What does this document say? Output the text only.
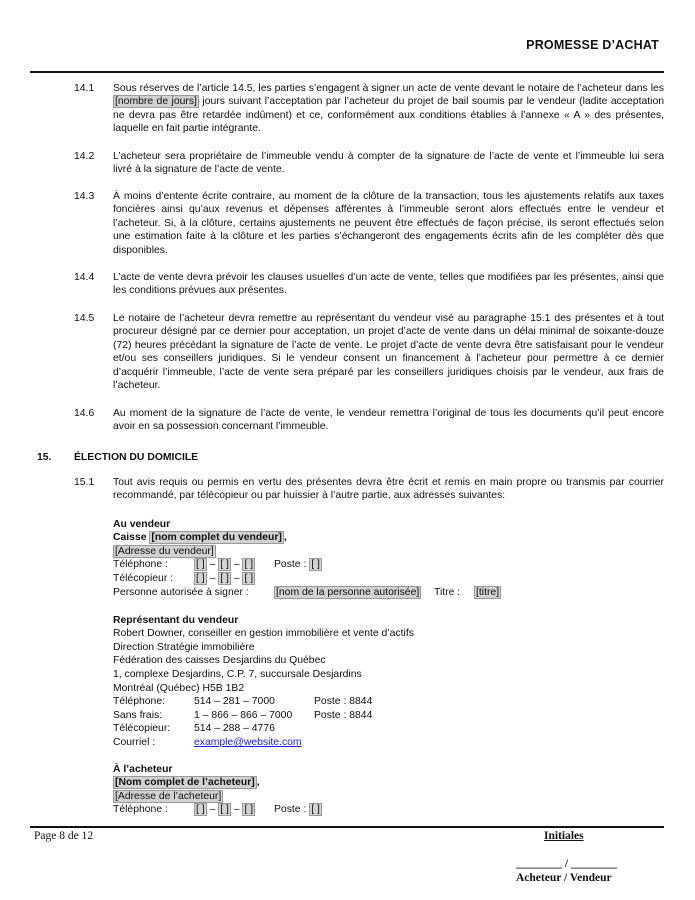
PROMESSE D’ACHAT
14.1 Sous réserves de l’article 14.5, les parties s’engagent à signer un acte de vente devant le notaire de l’acheteur dans les [nombre de jours] jours suivant l’acceptation par l’acheteur du projet de bail soumis par le vendeur (ladite acceptation ne devra pas être retardée indûment) et ce, conformément aux conditions établies à l’annexe « A » des présentes, laquelle en fait partie intégrante.
14.2 L’acheteur sera propriétaire de l’immeuble vendu à compter de la signature de l’acte de vente et l’immeuble lui sera livré à la signature de l’acte de vente.
14.3 À moins d’entente écrite contraire, au moment de la clôture de la transaction, tous les ajustements relatifs aux taxes foncières ainsi qu’aux revenus et dépenses afférentes à l’immeuble seront alors effectués entre le vendeur et l’acheteur. Si, à la clôture, certains ajustements ne peuvent être effectués de façon précise, ils seront effectués selon une estimation faite à la clôture et les parties s’échangeront des engagements écrits afin de les compléter dès que disponibles.
14.4 L’acte de vente devra prévoir les clauses usuelles d’un acte de vente, telles que modifiées par les présentes, ainsi que les conditions prévues aux présentes.
14.5 Le notaire de l’acheteur devra remettre au représentant du vendeur visé au paragraphe 15.1 des présentes et à tout procureur désigné par ce dernier pour acceptation, un projet d’acte de vente dans un délai minimal de soixante-douze (72) heures précédant la signature de l’acte de vente. Le projet d’acte de vente devra être satisfaisant pour le vendeur et/ou ses conseillers juridiques. Si le vendeur consent un financement à l’acheteur pour permettre à ce dernier d’acquérir l’immeuble, l’acte de vente sera préparé par les conseillers juridiques choisis par le vendeur, aux frais de l’acheteur.
14.6 Au moment de la signature de l’acte de vente, le vendeur remettra l’original de tous les documents qu’il peut encore avoir en sa possession concernant l’immeuble.
15. ÉLECTION DU DOMICILE
15.1 Tout avis requis ou permis en vertu des présentes devra être écrit et remis en main propre ou transmis par courrier recommandé, par télécopieur ou par huissier à l’autre partie, aux adresses suivantes:
Au vendeur
Caisse [nom complet du vendeur] ,
[Adresse du vendeur]
Téléphone :	[ ] – [ ] – [ ] Poste : [ ]
Télécopieur : [ ] – [ ] – [ ]
Personne autorisée à signer :	[nom de la personne autorisée] Titre : [titre]
Représentant du vendeur
Robert Downer, conseiller en gestion immobilière et vente d’actifs
Direction Stratégie immobilière
Fédération des caisses Desjardins du Québec
1, complexe Desjardins, C.P. 7, succursale Desjardins
Montréal (Québec) H5B 1B2
Téléphone:	514 – 281 – 7000	Poste : 8844
Sans frais:	1 – 866 – 866 – 7000 Poste : 8844
Télécopieur: 514 – 288 – 4776
Courriel :	example@website.com
À l’acheteur
[Nom complet de l’acheteur] ,
[Adresse de l’acheteur]
Téléphone :	[ ] – [ ] – [ ] Poste : [ ]
Page 8 de 12	Initiales
________ / ________
Acheteur / Vendeur
